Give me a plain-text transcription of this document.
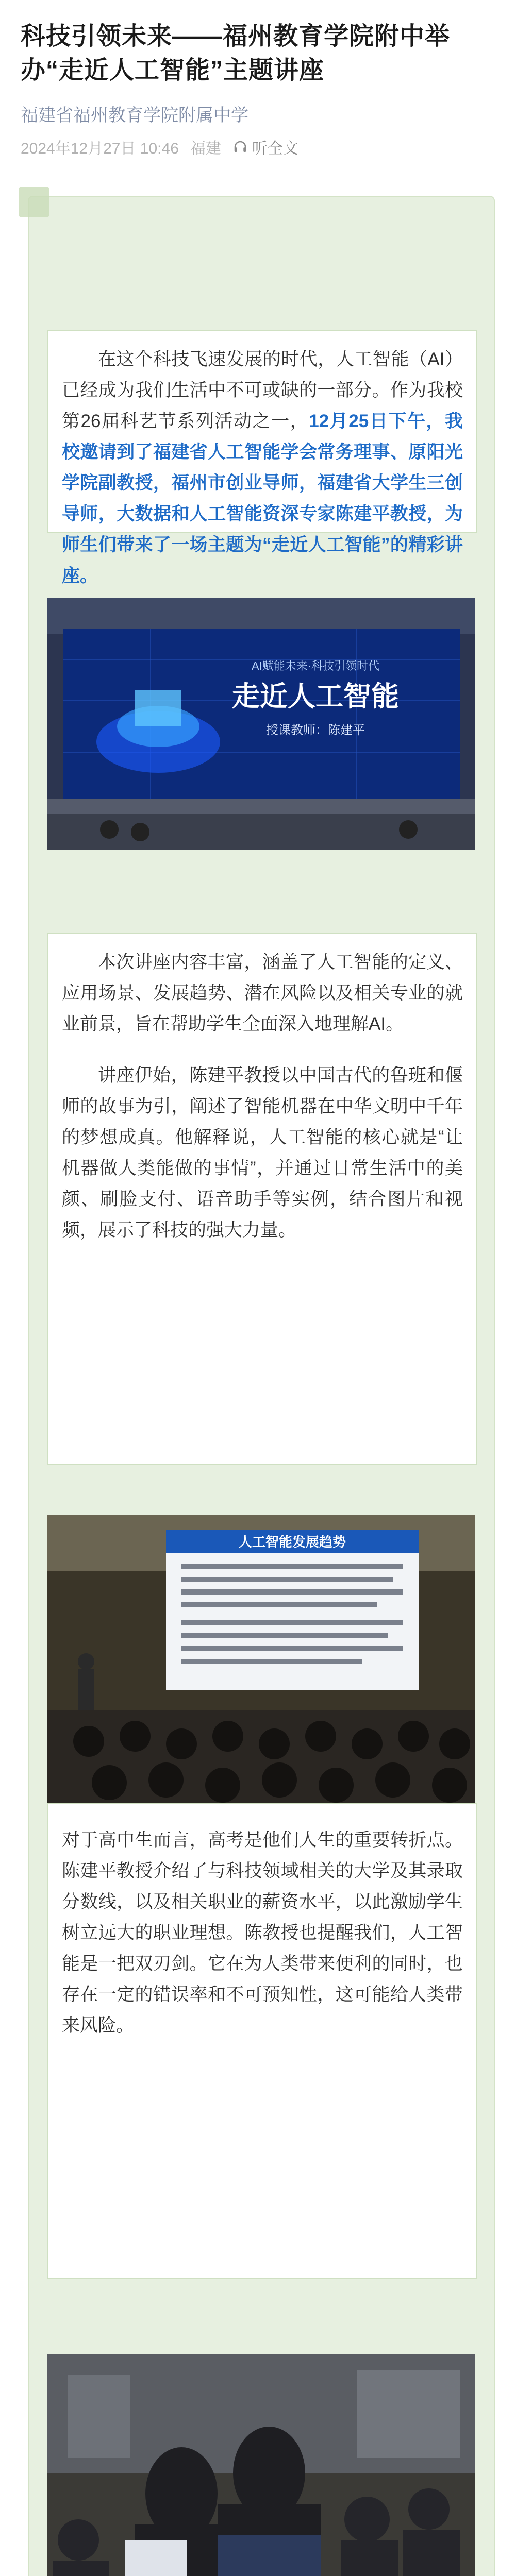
科技引领未来——福州教育学院附中举办“走近人工智能”主题讲座
福建省福州教育学院附属中学
2024年12月27日 10:46 福建 听全文

在这个科技飞速发展的时代，人工智能（AI）已经成为我们生活中不可或缺的一部分。作为我校第26届科艺节系列活动之一，12月25日下午，我校邀请到了福建省人工智能学会常务理事、原阳光学院副教授，福州市创业导师，福建省大学生三创导师，大数据和人工智能资深专家陈建平教授，为师生们带来了一场主题为“走近人工智能”的精彩讲座。

AI赋能未来·科技引领时代
走近人工智能
授课教师：陈建平

本次讲座内容丰富，涵盖了人工智能的定义、应用场景、发展趋势、潜在风险以及相关专业的就业前景，旨在帮助学生全面深入地理解AI。

讲座伊始，陈建平教授以中国古代的鲁班和偃师的故事为引，阐述了智能机器在中华文明中千年的梦想成真。他解释说，人工智能的核心就是“让机器做人类能做的事情”，并通过日常生活中的美颜、刷脸支付、语音助手等实例，结合图片和视频，展示了科技的强大力量。

人工智能发展趋势

对于高中生而言，高考是他们人生的重要转折点。陈建平教授介绍了与科技领域相关的大学及其录取分数线，以及相关职业的薪资水平，以此激励学生树立远大的职业理想。陈教授也提醒我们，人工智能是一把双刃剑。它在为人类带来便利的同时，也存在一定的错误率和不可预知性，这可能给人类带来风险。
